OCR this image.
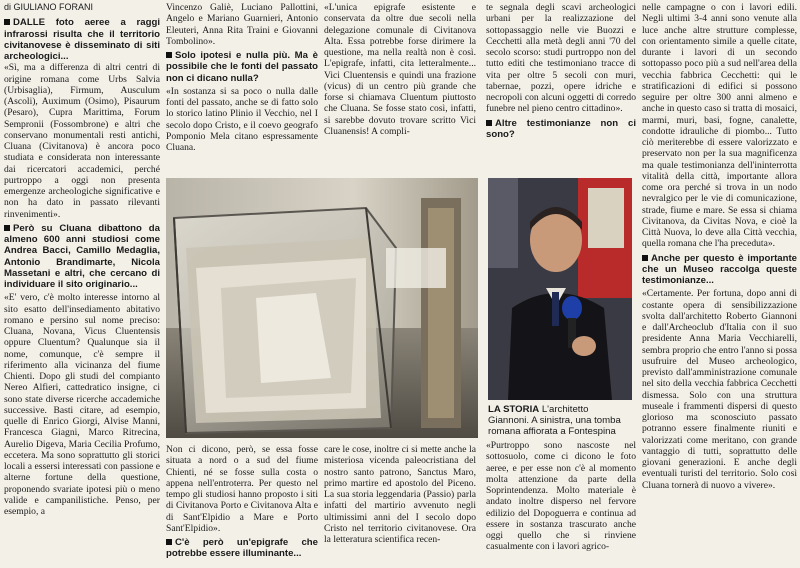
di GIULIANO FORANI

DALLE foto aeree a raggi infrarossi risulta che il territorio civitanovese è disseminato di siti archeologici...

«Sì, ma a differenza di altri centri di origine romana come Urbs Salvia (Urbisaglia), Firmum, Ausculum (Ascoli), Auximum (Osimo), Pisaurum (Pesaro), Cupra Marittima, Forum Sempronii (Fossombrone) e altri che conservano monumentali resti antichi, Cluana (Civitanova) è ancora poco studiata e considerata non interessante dai ricercatori accademici, perché purtroppo a oggi non presenta emergenze archeologiche significative e non ha dato in passato rilevanti rinvenimenti».

Però su Cluana dibattono da almeno 600 anni studiosi come Andrea Bacci, Camillo Medaglia, Antonio Brandimarte, Nicola Massetani e altri, che cercano di individuare il sito originario...

«E' vero, c'è molto interesse intorno al sito esatto dell'insediamento abitativo romano e persino sul nome preciso: Cluana, Novana, Vicus Cluentensis oppure Cluentum? Qualunque sia il nome, comunque, c'è sempre il riferimento alla vicinanza del fiume Chienti. Dopo gli studi del compianto Nereo Alfieri, cattedratico insigne, ci sono state diverse ricerche accademiche successive. Basti citare, ad esempio, quelle di Enrico Giorgi, Alvise Manni, Francesca Giagni, Marco Ritrecina, Aurelio Digeva, Maria Cecilia Profumo, eccetera. Ma sono soprattutto gli storici locali a essersi interessati con passione e alterne fortune della questione, proponendo svariate ipotesi più o meno valide e campanilistiche. Penso, per esempio, a

Vincenzo Galiè, Luciano Pallottini, Angelo e Mariano Guarnieri, Antonio Eleuteri, Anna Rita Traini e Giovanni Tombolino».

Solo ipotesi e nulla più. Ma è possibile che le fonti del passato non ci dicano nulla?

«In sostanza si sa poco o nulla dalle fonti del passato, anche se di fatto solo lo storico latino Plinio il Vecchio, nel I secolo dopo Cristo, e il coevo geografo Pomponio Mela citano espressamente Cluana.

«L'unica epigrafe esistente e conservata da oltre due secoli nella delegazione comunale di Civitanova Alta. Essa potrebbe forse dirimere la questione, ma nella realtà non è così. L'epigrafe, infatti, cita letteralmente... Vici Cluentensis e quindi una frazione (vicus) di un centro più grande che forse si chiamava Cluentum piuttosto che Cluana. Se fosse stato così, infatti, si sarebbe dovuto trovare scritto Vici Cluanensis! A compli-

te segnala degli scavi archeologici urbani per la realizzazione del sottopassaggio nelle vie Buozzi e Cecchetti alla metà degli anni '70 del secolo scorso: studi purtroppo non del tutto editi che testimoniano tracce di vita per oltre 5 secoli con muri, tabernae, pozzi, opere idriche e necropoli con alcuni oggetti di corredo funebre nel pieno centro cittadino».

Altre testimonianze non ci sono?

nelle campagne o con i lavori edili. Negli ultimi 3-4 anni sono venute alla luce anche altre strutture complesse, con orientamento simile a quelle citate, durante i lavori di un secondo sottopasso poco più a sud nell'area della vecchia fabbrica Cecchetti: qui le stratificazioni di edifici si possono seguire per oltre 300 anni almeno e anche in questo caso si tratta di mosaici, marmi, muri, basi, fogne, canalette, condotte idrauliche di piombo... Tutto ciò meriterebbe di essere valorizzato e preservato non per la sua magnificenza ma quale testimonianza dell'ininterrotta vitalità della città, importante allora come ora perché si trova in un nodo nevralgico per le vie di comunicazione, strade, fiume e mare. Se essa si chiama Civitanova, da Civitas Nova, e cioè la Città Nuova, lo deve alla Città vecchia, quella romana che l'ha preceduta».

Anche per questo è importante che un Museo raccolga queste testimonianze...

«Certamente. Per fortuna, dopo anni di costante opera di sensibilizzazione svolta dall'architetto Roberto Giannoni e dall'Archeoclub d'Italia con il suo presidente Anna Maria Vecchiarelli, sembra proprio che entro l'anno si possa usufruire del Museo archeologico, previsto dall'amministrazione comunale nel sito della vecchia fabbrica Cecchetti dismessa. Solo con una struttura museale i frammenti dispersi di questo glorioso ma sconosciuto passato potranno essere finalmente riuniti e valorizzati come meritano, con grande vantaggio di tutti, soprattutto delle giovani generazioni. E anche degli eventuali turisti del territorio. Solo così Cluana tornerà di nuovo a vivere».

Non ci dicono, però, se essa fosse situata a nord o a sud del fiume Chienti, né se fosse sulla costa o appena nell'entroterra. Per questo nel tempo gli studiosi hanno proposto i siti di Civitanova Porto e Civitanova Alta e di Sant'Elpidio a Mare e Porto Sant'Elpidio».

C'è però un'epigrafe che potrebbe essere illuminante...

care le cose, inoltre ci si mette anche la misteriosa vicenda paleocristiana del nostro santo patrono, Sanctus Maro, primo martire ed apostolo del Piceno. La sua storia leggendaria (Passio) parla infatti del martirio avvenuto negli ultimissimi anni del I secolo dopo Cristo nel territorio civitanovese. Ora la letteratura scientifica recen-

LA STORIA L'architetto Giannoni. A sinistra, una tomba romana affiorata a Fontespina

«Purtroppo sono nascoste nel sottosuolo, come ci dicono le foto aeree, e per esse non c'è al momento molta attenzione da parte della Soprintendenza. Molto materiale è andato inoltre disperso nel fervore edilizio del Dopoguerra e continua ad essere in sostanza trascurato anche oggi quello che si rinviene casualmente con i lavori agrico-
